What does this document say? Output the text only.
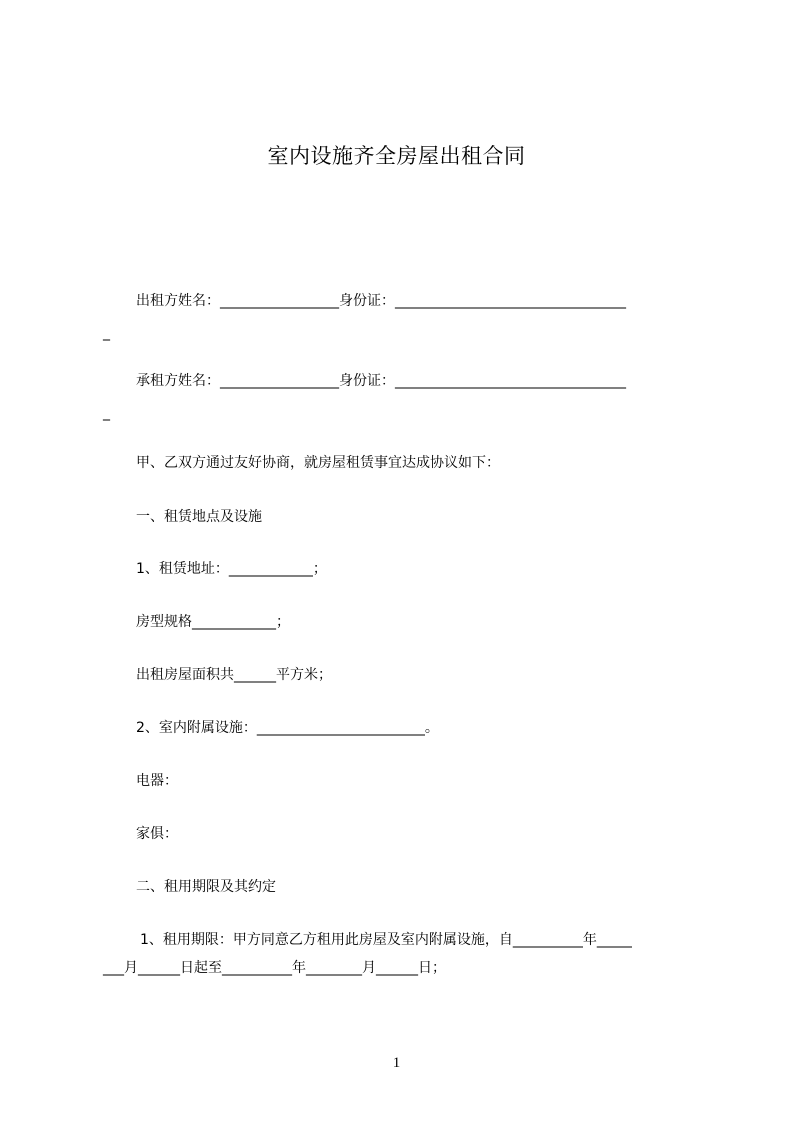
室内设施齐全房屋出租合同
出租方姓名：_________________身份证：_________________________________
_
承租方姓名：_________________身份证：_________________________________
_
甲、乙双方通过友好协商，就房屋租赁事宜达成协议如下：
一、租赁地点及设施
1、租赁地址：____________；
房型规格____________；
出租房屋面积共______平方米；
2、室内附属设施：________________________。
电器：
家俱：
二、租用期限及其约定
1、租用期限：甲方同意乙方租用此房屋及室内附属设施，自__________年_____
___月______日起至__________年________月______日；
1
